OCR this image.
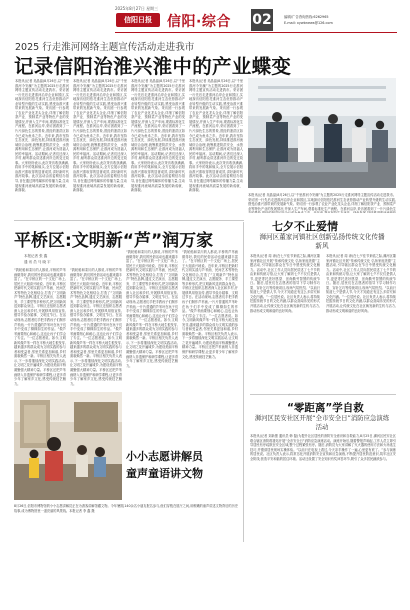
2025年8月27日 星期三
信阳日报	信阳·综合 02	编辑/广告咨询热线:6262965
E-mail: xywbnews@126.com
2025 行走淮河网络主题宣传活动走进我市
记录信阳治淮兴淮中的产业蝶变
本报讯(记者 吴晶晶)8月26日,以“千里淮河今安澜”为主题的2025行走淮河网络主题宣传活动走进我市。采访团一行先后走进淮河沿岸企业和园区,实地探访信阳依托淮河生态优势推动产业转型升级的生动实践,感受治淮兴淮带来的发展新气象。采访团一行参观了农业产业化龙头企业,详细了解信阳茶产业、预制菜产业等特色产业的发展情况,并深入生产车间,观看标准化生产流程。在淮河沿岸,采访团看到了一片片绿色生态的景象,曾经的泄洪区如今已成为鱼米之乡。近年来,我市坚持生态优先、绿色发展,持续推进淮河流域综合治理,统筹推进防洪安全、水资源利用和生态保护,让淮河成为造福人民的幸福河。活动期间,记者们还深入乡村,倾听群众讲述淮河岸边的变迁故事。大家纷纷表示,此次采访收获满满,将用手中的笔和镜头,全方位展示信阳治淮兴淮取得的显著成效,讲好新时代淮河故事。此次活动由省委网信办指导,旨在通过网络媒体的传播力量,生动展现淮河流域高质量发展的新成就、新面貌。
本报讯(记者 吴晶晶)8月26日,以“千里淮河今安澜”为主题的2025行走淮河网络主题宣传活动走进我市。采访团一行先后走进淮河沿岸企业和园区,实地探访信阳依托淮河生态优势推动产业转型升级的生动实践,感受治淮兴淮带来的发展新气象。采访团一行参观了农业产业化龙头企业,详细了解信阳茶产业、预制菜产业等特色产业的发展情况,并深入生产车间,观看标准化生产流程。在淮河沿岸,采访团看到了一片片绿色生态的景象,曾经的泄洪区如今已成为鱼米之乡。近年来,我市坚持生态优先、绿色发展,持续推进淮河流域综合治理,统筹推进防洪安全、水资源利用和生态保护,让淮河成为造福人民的幸福河。活动期间,记者们还深入乡村,倾听群众讲述淮河岸边的变迁故事。大家纷纷表示,此次采访收获满满,将用手中的笔和镜头,全方位展示信阳治淮兴淮取得的显著成效,讲好新时代淮河故事。此次活动由省委网信办指导,旨在通过网络媒体的传播力量,生动展现淮河流域高质量发展的新成就、新面貌。
本报讯(记者 吴晶晶)8月26日,以“千里淮河今安澜”为主题的2025行走淮河网络主题宣传活动走进我市。采访团一行先后走进淮河沿岸企业和园区,实地探访信阳依托淮河生态优势推动产业转型升级的生动实践,感受治淮兴淮带来的发展新气象。采访团一行参观了农业产业化龙头企业,详细了解信阳茶产业、预制菜产业等特色产业的发展情况,并深入生产车间,观看标准化生产流程。在淮河沿岸,采访团看到了一片片绿色生态的景象,曾经的泄洪区如今已成为鱼米之乡。近年来,我市坚持生态优先、绿色发展,持续推进淮河流域综合治理,统筹推进防洪安全、水资源利用和生态保护,让淮河成为造福人民的幸福河。活动期间,记者们还深入乡村,倾听群众讲述淮河岸边的变迁故事。大家纷纷表示,此次采访收获满满,将用手中的笔和镜头,全方位展示信阳治淮兴淮取得的显著成效,讲好新时代淮河故事。此次活动由省委网信办指导,旨在通过网络媒体的传播力量,生动展现淮河流域高质量发展的新成就、新面貌。
本报讯(记者 吴晶晶)8月26日,以“千里淮河今安澜”为主题的2025行走淮河网络主题宣传活动走进我市。采访团一行先后走进淮河沿岸企业和园区,实地探访信阳依托淮河生态优势推动产业转型升级的生动实践,感受治淮兴淮带来的发展新气象。采访团一行参观了农业产业化龙头企业,详细了解信阳茶产业、预制菜产业等特色产业的发展情况,并深入生产车间,观看标准化生产流程。在淮河沿岸,采访团看到了一片片绿色生态的景象,曾经的泄洪区如今已成为鱼米之乡。近年来,我市坚持生态优先、绿色发展,持续推进淮河流域综合治理,统筹推进防洪安全、水资源利用和生态保护,让淮河成为造福人民的幸福河。活动期间,记者们还深入乡村,倾听群众讲述淮河岸边的变迁故事。大家纷纷表示,此次采访收获满满,将用手中的笔和镜头,全方位展示信阳治淮兴淮取得的显著成效,讲好新时代淮河故事。此次活动由省委网信办指导,旨在通过网络媒体的传播力量,生动展现淮河流域高质量发展的新成就、新面貌。
本报讯(记者 吴晶晶)8月26日,以“千里淮河今安澜”为主题的2025行走淮河网络主题宣传活动走进我市。采访团一行先后走进淮河沿岸企业和园区,实地探访信阳依托淮河生态优势推动产业转型升级的生动实践,感受治淮兴淮带来的发展新气象。采访团一行参观了农业产业化龙头企业,详细了解信阳茶产业、预制菜产业等特色产业的发展情况,并深入生产车间,观看标准化生产流程。在淮河沿岸,采访团看到了一片片绿色生
平桥区:文明新“芦”润万家
本报记者 张 鑫
通 讯 员 马 晓 宇
“我轮船和栾川的人都说,平桥的芦苇画做得好,我们的民俗活动也越来越丰富了。”在平桥区的一个文化广场上,居民王大姐高兴地说。近年来,平桥区把新时代文明实践与芦苇画、民间艺术等特色文化相结合,打造了“文明新芦”特色品牌,通过文艺演出、志愿服务、手工课堂等多种形式,把文明新风送到群众身边。平桥区还组织志愿者深入社区和乡村,开展移风易俗宣传,倡导节俭办婚事、文明过节日。在活动现场,志愿者们手把手教孩子们制作芦苇画,一片片普通的芦苇叶在孩子们手中变成了栩栩如生的作品。“做芦苇画要细心和耐心,这也让孩子们学会了专注。”一位志愿者说。如今,文明新风像芦苇一样在平桥大地生根发芽,越来越多的群众成为文明实践的参与者和受益者,邻里关系更加和谐,乡村面貌焕然一新。平桥区相关负责人表示,下一步将继续深化文明实践活动,让文明之花开遍城乡,为建设美丽平桥凝聚强大精神力量。平桥区还把芦苇画纳入非遗保护和研学课程,让更多青少年了解家乡文化,感受传统技艺魅力。
“我轮船和栾川的人都说,平桥的芦苇画做得好,我们的民俗活动也越来越丰富了。”在平桥区的一个文化广场上,居民王大姐高兴地说。近年来,平桥区把新时代文明实践与芦苇画、民间艺术等特色文化相结合,打造了“文明新芦”特色品牌,通过文艺演出、志愿服务、手工课堂等多种形式,把文明新风送到群众身边。平桥区还组织志愿者深入社区和乡村,开展移风易俗宣传,倡导节俭办婚事、文明过节日。在活动现场,志愿者们手把手教孩子们制作芦苇画,一片片普通的芦苇叶在孩子们手中变成了栩栩如生的作品。“做芦苇画要细心和耐心,这也让孩子们学会了专注。”一位志愿者说。如今,文明新风像芦苇一样在平桥大地生根发芽,越来越多的群众成为文明实践的参与者和受益者,邻里关系更加和谐,乡村面貌焕然一新。平桥区相关负责人表示,下一步将继续深化文明实践活动,让文明之花开遍城乡,为建设美丽平桥凝聚强大精神力量。平桥区还把芦苇画纳入非遗保护和研学课程,让更多青少年了解家乡文化,感受传统技艺魅力。
“我轮船和栾川的人都说,平桥的芦苇画做得好,我们的民俗活动也越来越丰富了。”在平桥区的一个文化广场上,居民王大姐高兴地说。近年来,平桥区把新时代文明实践与芦苇画、民间艺术等特色文化相结合,打造了“文明新芦”特色品牌,通过文艺演出、志愿服务、手工课堂等多种形式,把文明新风送到群众身边。平桥区还组织志愿者深入社区和乡村,开展移风易俗宣传,倡导节俭办婚事、文明过节日。在活动现场,志愿者们手把手教孩子们制作芦苇画,一片片普通的芦苇叶在孩子们手中变成了栩栩如生的作品。“做芦苇画要细心和耐心,这也让孩子们学会了专注。”一位志愿者说。如今,文明新风像芦苇一样在平桥大地生根发芽,越来越多的群众成为文明实践的参与者和受益者,邻里关系更加和谐,乡村面貌焕然一新。平桥区相关负责人表示,下一步将继续深化文明实践活动,让文明之花开遍城乡,为建设美丽平桥凝聚强大精神力量。平桥区还把芦苇画纳入非遗保护和研学课程,让更多青少年了解家乡文化,感受传统技艺魅力。
“我轮船和栾川的人都说,平桥的芦苇画做得好,我们的民俗活动也越来越丰富了。”在平桥区的一个文化广场上,居民王大姐高兴地说。近年来,平桥区把新时代文明实践与芦苇画、民间艺术等特色文化相结合,打造了“文明新芦”特色品牌,通过文艺演出、志愿服务、手工课堂等多种形式,把文明新风送到群众身边。平桥区还组织志愿者深入社区和乡村,开展移风易俗宣传,倡导节俭办婚事、文明过节日。在活动现场,志愿者们手把手教孩子们制作芦苇画,一片片普通的芦苇叶在孩子们手中变成了栩栩如生的作品。“做芦苇画要细心和耐心,这也让孩子们学会了专注。”一位志愿者说。如今,文明新风像芦苇一样在平桥大地生根发芽,越来越多的群众成为文明实践的参与者和受益者,邻里关系更加和谐,乡村面貌焕然一新。平桥区相关负责人表示,下一步将继续深化文明实践活动,让文明之花开遍城乡,为建设美丽平桥凝聚强大精神力量。平桥区还把芦苇画纳入非遗保护和研学课程,让更多青少年了解家乡文化,感受传统技艺魅力。
小小志愿讲解员
童声童语讲文物
8月26日,信阳市博物馆的小小志愿讲解员正在为游客讲解馆藏文物。今年暑期,140余名小朋友报名参与,他们穿梭在展厅之间,用稚嫩的童声讲述文物背后的历史故事,成为博物馆里一道亮丽的风景线。本报记者 李 鑫 摄
七夕不止爱情
浉河区董家河镇社区创新弘扬传统文化传播新风
本报讯(记者 周 涛)在七夕佳节来临之际,浉河区董家河镇社区开展“传承传统文化 弘扬家庭美德”主题活动,引导辖区群众在节日中感受传统文化魅力。活动中,社区工作人员向居民讲述了七夕节的由来和传统习俗,让大家了解到七夕不仅仅是情人节,更是寄托美好愿望、崇尚勤劳智慧的传统节日。随后,居民们在志愿者的指导下学习制作巧果、穿针乞巧等传统项目,现场气氛热烈。“以前只知道七夕是情人节,今天才知道还有这么多讲究和文化内涵。”一位居民说。社区负责人表示,将持续挖掘传统节日的文化内涵,以群众喜闻乐见的形式开展活动,让传统文化在社区焕发新的生机与活力,推动形成文明和谐的良好风尚。
本报讯(记者 周 涛)在七夕佳节来临之际,浉河区董家河镇社区开展“传承传统文化 弘扬家庭美德”主题活动,引导辖区群众在节日中感受传统文化魅力。活动中,社区工作人员向居民讲述了七夕节的由来和传统习俗,让大家了解到七夕不仅仅是情人节,更是寄托美好愿望、崇尚勤劳智慧的传统节日。随后,居民们在志愿者的指导下学习制作巧果、穿针乞巧等传统项目,现场气氛热烈。“以前只知道七夕是情人节,今天才知道还有这么多讲究和文化内涵。”一位居民说。社区负责人表示,将持续挖掘传统节日的文化内涵,以群众喜闻乐见的形式开展活动,让传统文化在社区焕发新的生机与活力,推动形成文明和谐的良好风尚。
“零距离”学自救
浉河区民安社区开展“全市安全日”消防应急演练活动
本报讯(记者 刘新蕾 通讯员 韩 磊)为提升社区居民的消防安全意识和自救能力,8月25日,浉河区民安社区联合辖区消防救援站开展“全市安全日”消防应急演练活动。演练开始后,随着警报声响起,工作人员立即引导居民有序疏散至安全区域,整个过程紧张有序。随后,消防员为大家讲解了灭火器的使用方法和火场逃生技巧,并邀请居民现场实操体验。“以前只在电视上看过,今天亲手操作了一遍,心里更有底了。”参与演练的居民说。社区负责人表示,将常态化开展消防安全宣传和应急演练,不断提升居民防范意识,筑牢社区安全防线,营造平安和谐的居住环境。活动还设置了安全知识有奖问答环节,吸引了众多居民踊跃参与。
